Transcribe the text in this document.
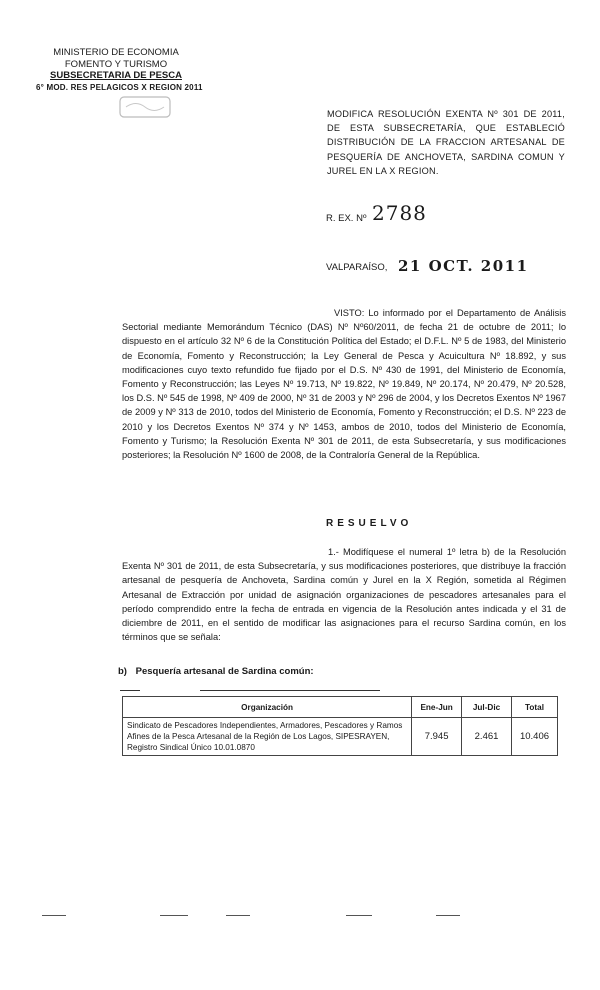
MINISTERIO DE ECONOMIA
FOMENTO Y TURISMO
SUBSECRETARIA DE PESCA
6° MOD. RES PELAGICOS X REGION 2011
MODIFICA RESOLUCIÓN EXENTA Nº 301 DE 2011, DE ESTA SUBSECRETARÍA, QUE ESTABLECIÓ DISTRIBUCIÓN DE LA FRACCION ARTESANAL DE PESQUERÍA DE ANCHOVETA, SARDINA COMUN Y JUREL EN LA X REGION.
R. EX. Nº 2788
VALPARAÍSO, 21 OCT. 2011
VISTO: Lo informado por el Departamento de Análisis Sectorial mediante Memorándum Técnico (DAS) Nº Nº60/2011, de fecha 21 de octubre de 2011; lo dispuesto en el artículo 32 Nº 6 de la Constitución Política del Estado; el D.F.L. Nº 5 de 1983, del Ministerio de Economía, Fomento y Reconstrucción; la Ley General de Pesca y Acuicultura Nº 18.892, y sus modificaciones cuyo texto refundido fue fijado por el D.S. Nº 430 de 1991, del Ministerio de Economía, Fomento y Reconstrucción; las Leyes Nº 19.713, Nº 19.822, Nº 19.849, Nº 20.174, Nº 20.479, Nº 20.528, los D.S. Nº 545 de 1998, Nº 409 de 2000, Nº 31 de 2003 y Nº 296 de 2004, y los Decretos Exentos Nº 1967 de 2009 y Nº 313 de 2010, todos del Ministerio de Economía, Fomento y Reconstrucción; el D.S. Nº 223 de 2010 y los Decretos Exentos Nº 374 y Nº 1453, ambos de 2010, todos del Ministerio de Economía, Fomento y Turismo; la Resolución Exenta Nº 301 de 2011, de esta Subsecretaría, y sus modificaciones posteriores; la Resolución Nº 1600 de 2008, de la Contraloría General de la República.
RESUELVO
1.- Modifíquese el numeral 1º letra b) de la Resolución Exenta Nº 301 de 2011, de esta Subsecretaría, y sus modificaciones posteriores, que distribuye la fracción artesanal de pesquería de Anchoveta, Sardina común y Jurel en la X Región, sometida al Régimen Artesanal de Extracción por unidad de asignación organizaciones de pescadores artesanales para el período comprendido entre la fecha de entrada en vigencia de la Resolución antes indicada y el 31 de diciembre de 2011, en el sentido de modificar las asignaciones para el recurso Sardina común, en los términos que se señala:
b) Pesquería artesanal de Sardina común:
Organización	Ene-Jun	Jul-Dic	Total
Sindicato de Pescadores Independientes, Armadores, Pescadores y Ramos Afines de la Pesca Artesanal de la Región de Los Lagos, SIPESRAYEN, Registro Sindical Único 10.01.0870	7.945	2.461	10.406
